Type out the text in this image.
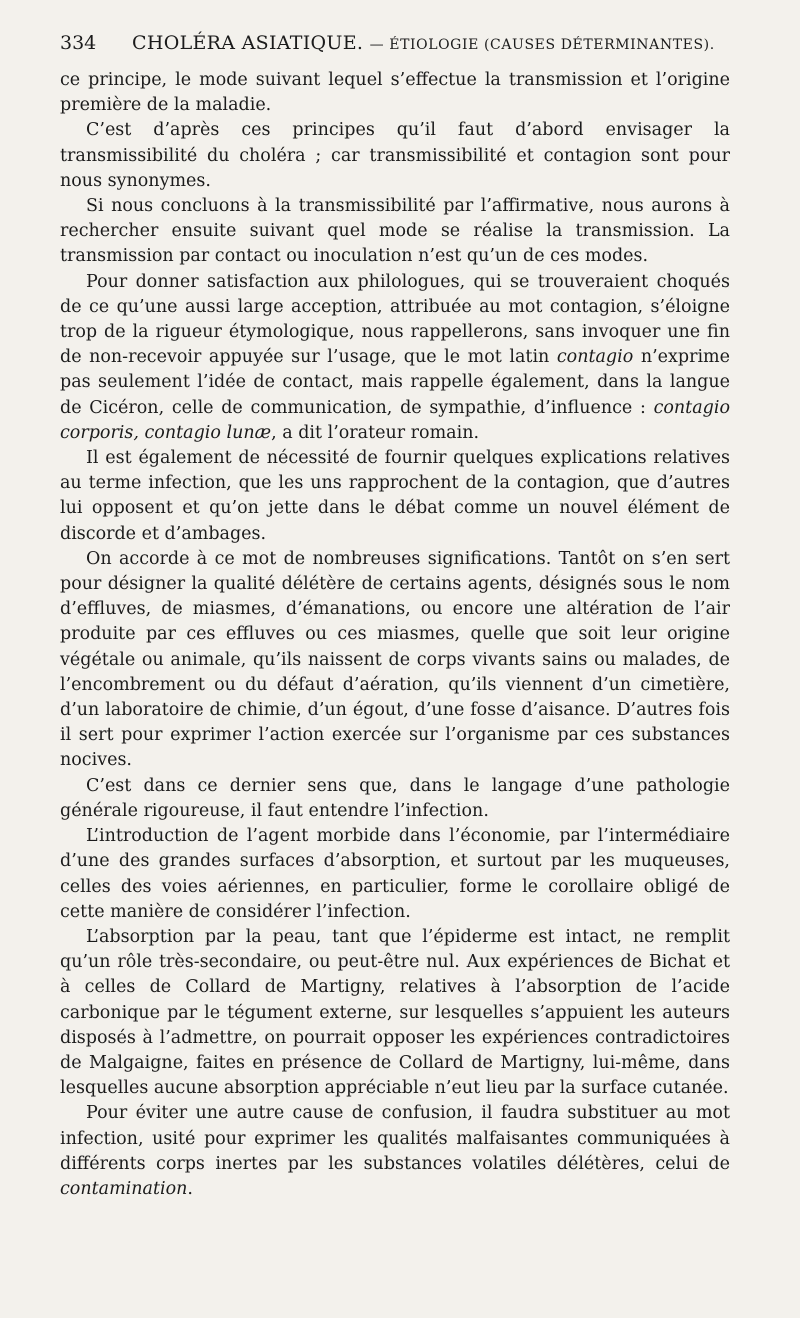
334 CHOLÉRA ASIATIQUE. — ÉTIOLOGIE (CAUSES DÉTERMINANTES).

ce principe, le mode suivant lequel s’effectue la transmission et l’origine première de la maladie.

C’est d’après ces principes qu’il faut d’abord envisager la transmissibilité du choléra ; car transmissibilité et contagion sont pour nous synonymes.

Si nous concluons à la transmissibilité par l’affirmative, nous aurons à rechercher ensuite suivant quel mode se réalise la transmission. La transmission par contact ou inoculation n’est qu’un de ces modes.

Pour donner satisfaction aux philologues, qui se trouveraient choqués de ce qu’une aussi large acception, attribuée au mot contagion, s’éloigne trop de la rigueur étymologique, nous rappellerons, sans invoquer une fin de non-recevoir appuyée sur l’usage, que le mot latin contagio n’exprime pas seulement l’idée de contact, mais rappelle également, dans la langue de Cicéron, celle de communication, de sympathie, d’influence : contagio corporis, contagio lunæ, a dit l’orateur romain.

Il est également de nécessité de fournir quelques explications relatives au terme infection, que les uns rapprochent de la contagion, que d’autres lui opposent et qu’on jette dans le débat comme un nouvel élément de discorde et d’ambages.

On accorde à ce mot de nombreuses significations. Tantôt on s’en sert pour désigner la qualité délétère de certains agents, désignés sous le nom d’effluves, de miasmes, d’émanations, ou encore une altération de l’air produite par ces effluves ou ces miasmes, quelle que soit leur origine végétale ou animale, qu’ils naissent de corps vivants sains ou malades, de l’encombrement ou du défaut d’aération, qu’ils viennent d’un cimetière, d’un laboratoire de chimie, d’un égout, d’une fosse d’aisance. D’autres fois il sert pour exprimer l’action exercée sur l’organisme par ces substances nocives.

C’est dans ce dernier sens que, dans le langage d’une pathologie générale rigoureuse, il faut entendre l’infection.

L’introduction de l’agent morbide dans l’économie, par l’intermédiaire d’une des grandes surfaces d’absorption, et surtout par les muqueuses, celles des voies aériennes, en particulier, forme le corollaire obligé de cette manière de considérer l’infection.

L’absorption par la peau, tant que l’épiderme est intact, ne remplit qu’un rôle très-secondaire, ou peut-être nul. Aux expériences de Bichat et à celles de Collard de Martigny, relatives à l’absorption de l’acide carbonique par le tégument externe, sur lesquelles s’appuient les auteurs disposés à l’admettre, on pourrait opposer les expériences contradictoires de Malgaigne, faites en présence de Collard de Martigny, lui-même, dans lesquelles aucune absorption appréciable n’eut lieu par la surface cutanée.

Pour éviter une autre cause de confusion, il faudra substituer au mot infection, usité pour exprimer les qualités malfaisantes communiquées à différents corps inertes par les substances volatiles délétères, celui de contamination.
